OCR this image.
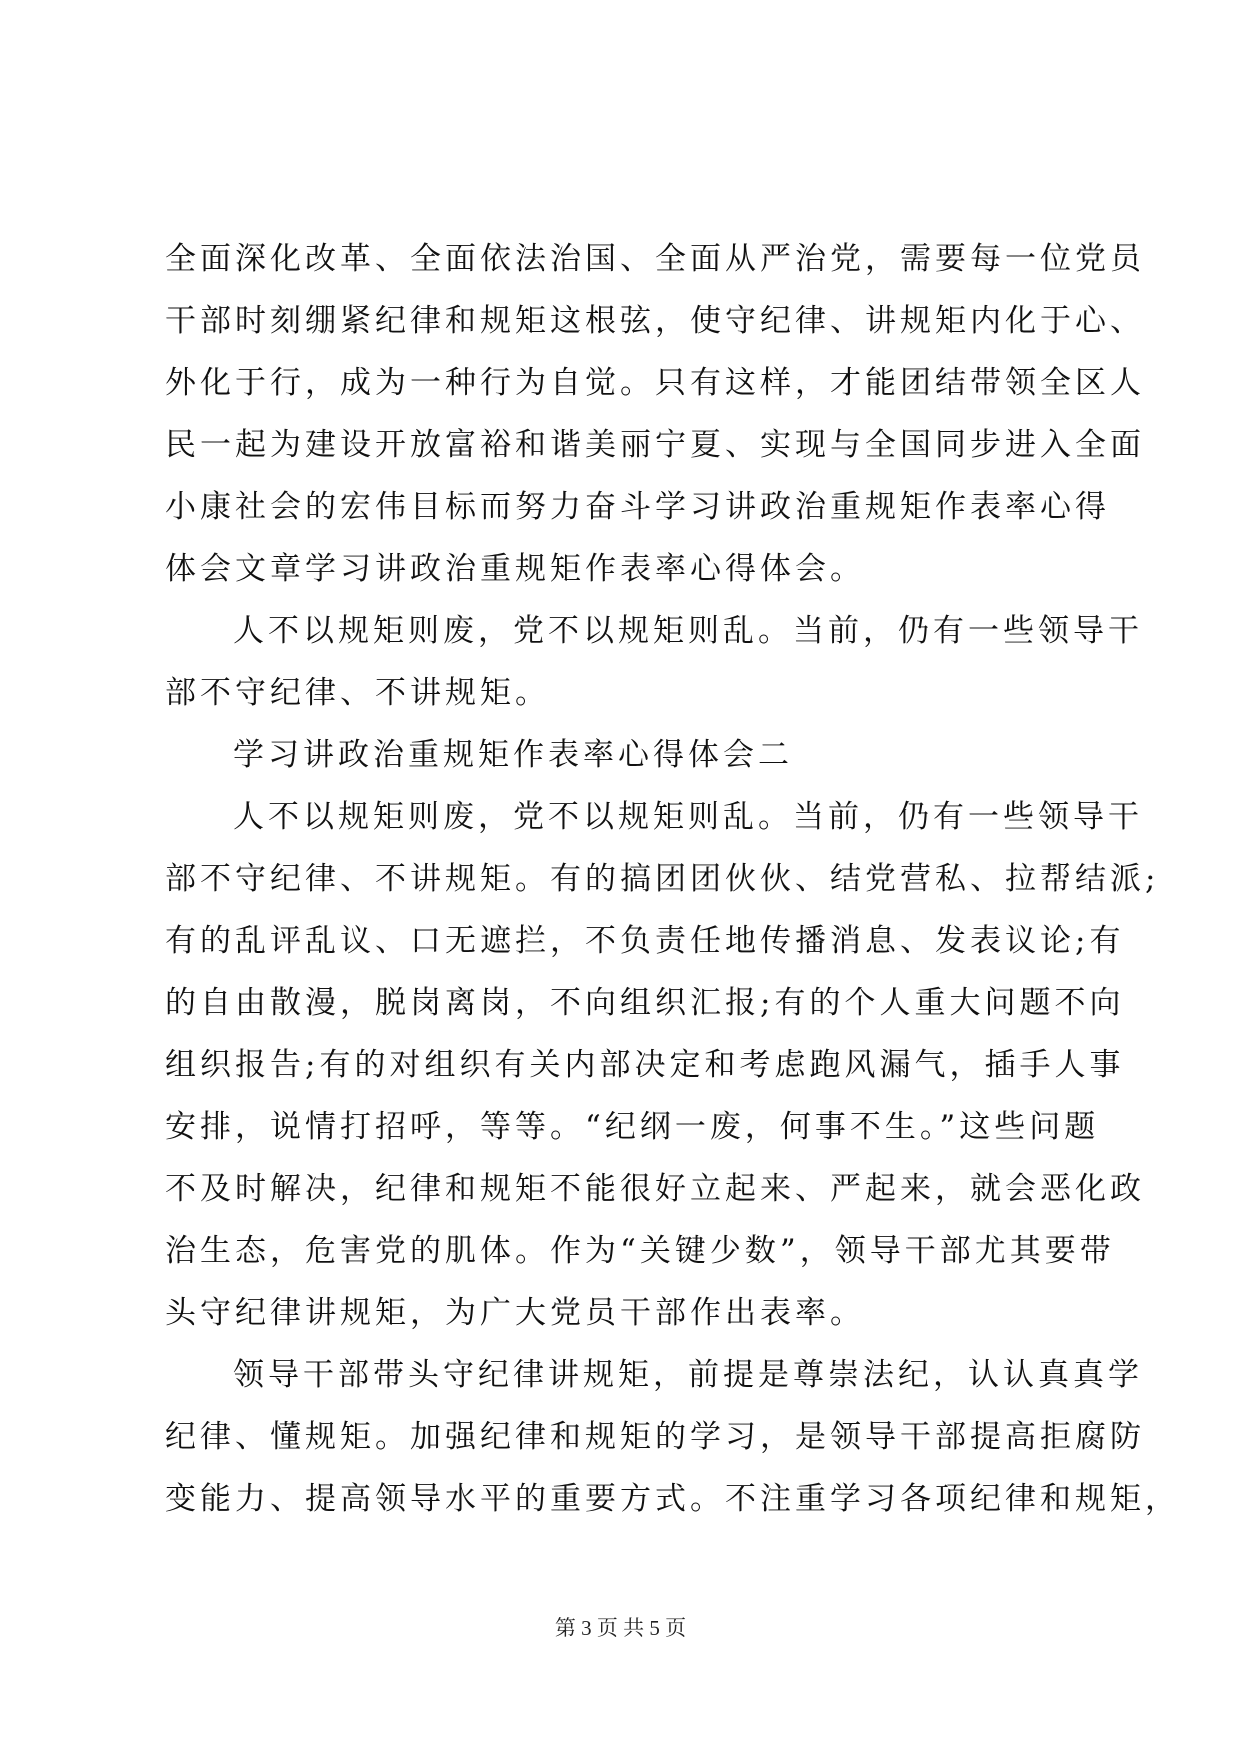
全面深化改革、全面依法治国、全面从严治党，需要每一位党员
干部时刻绷紧纪律和规矩这根弦，使守纪律、讲规矩内化于心、
外化于行，成为一种行为自觉。只有这样，才能团结带领全区人
民一起为建设开放富裕和谐美丽宁夏、实现与全国同步进入全面
小康社会的宏伟目标而努力奋斗学习讲政治重规矩作表率心得
体会文章学习讲政治重规矩作表率心得体会。
人不以规矩则废，党不以规矩则乱。当前，仍有一些领导干
部不守纪律、不讲规矩。
学习讲政治重规矩作表率心得体会二
人不以规矩则废，党不以规矩则乱。当前，仍有一些领导干
部不守纪律、不讲规矩。有的搞团团伙伙、结党营私、拉帮结派;
有的乱评乱议、口无遮拦，不负责任地传播消息、发表议论;有
的自由散漫，脱岗离岗，不向组织汇报;有的个人重大问题不向
组织报告;有的对组织有关内部决定和考虑跑风漏气，插手人事
安排，说情打招呼，等等。“纪纲一废，何事不生。”这些问题
不及时解决，纪律和规矩不能很好立起来、严起来，就会恶化政
治生态，危害党的肌体。作为“关键少数”，领导干部尤其要带
头守纪律讲规矩，为广大党员干部作出表率。
领导干部带头守纪律讲规矩，前提是尊崇法纪，认认真真学
纪律、懂规矩。加强纪律和规矩的学习，是领导干部提高拒腐防
变能力、提高领导水平的重要方式。不注重学习各项纪律和规矩，
第 3 页 共 5 页
